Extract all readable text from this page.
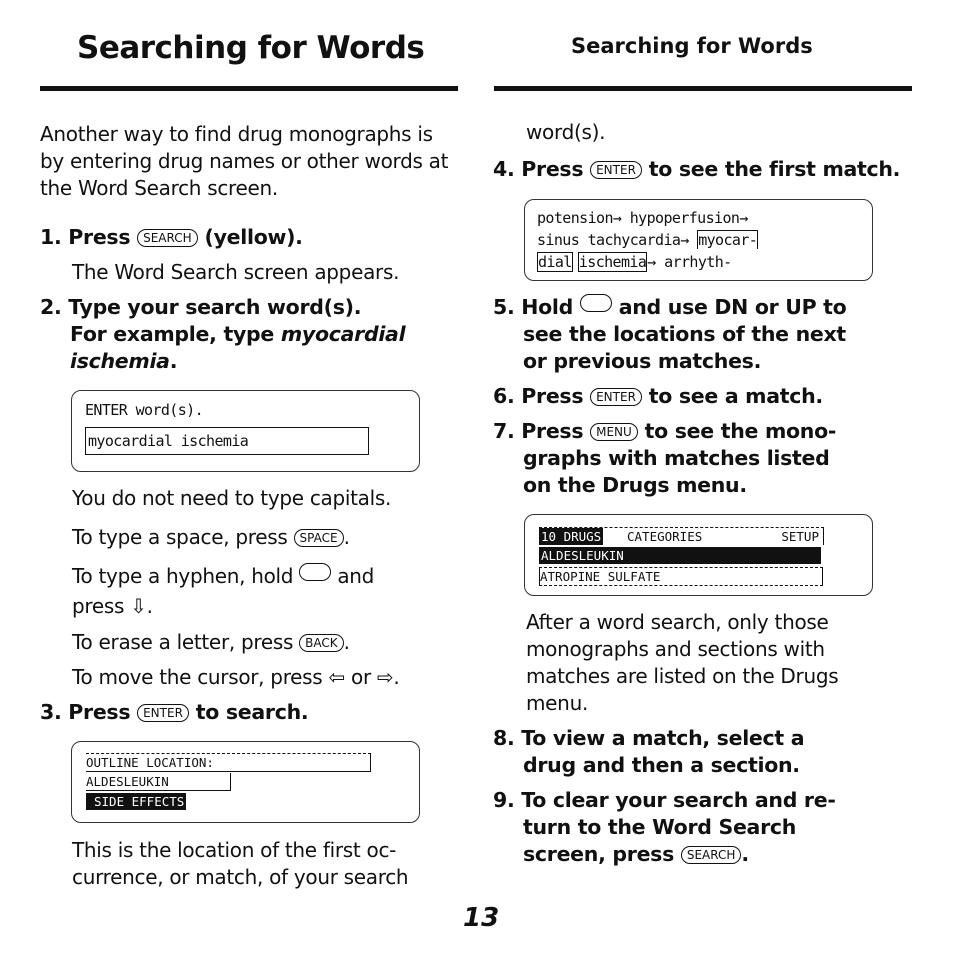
Searching for Words	Searching for Words
Another way to find drug monographs is by entering drug names or other words at the Word Search screen.
1. Press SEARCH (yellow).
The Word Search screen appears.
2. Type your search word(s).
For example, type myocardial ischemia.
ENTER word(s).
myocardial ischemia
You do not need to type capitals.
To type a space, press SPACE .
To type a hyphen, hold and
press ⇩.
To erase a letter, press BACK .
To move the cursor, press ⇦ or ⇨.
3. Press ENTER to search.
OUTLINE LOCATION:
ALDESLEUKIN
SIDE EFFECTS
This is the location of the first oc-currence, or match, of your search
word(s).
4. Press ENTER to see the first match.
potension→ hypoperfusion→
sinus tachycardia→ myocar-
dial ischemia→ arrhyth-
5. Hold and use DN or UP to
see the locations of the next
or previous matches.
6. Press ENTER to see a match.
7. Press MENU to see the mono-
graphs with matches listed
on the Drugs menu.
10 DRUGS CATEGORIES	SETUP
ALDESLEUKIN
ATROPINE SULFATE
After a word search, only those monographs and sections with matches are listed on the Drugs menu.
8. To view a match, select a
drug and then a section.
9. To clear your search and re-
turn to the Word Search
screen, press SEARCH .
13
